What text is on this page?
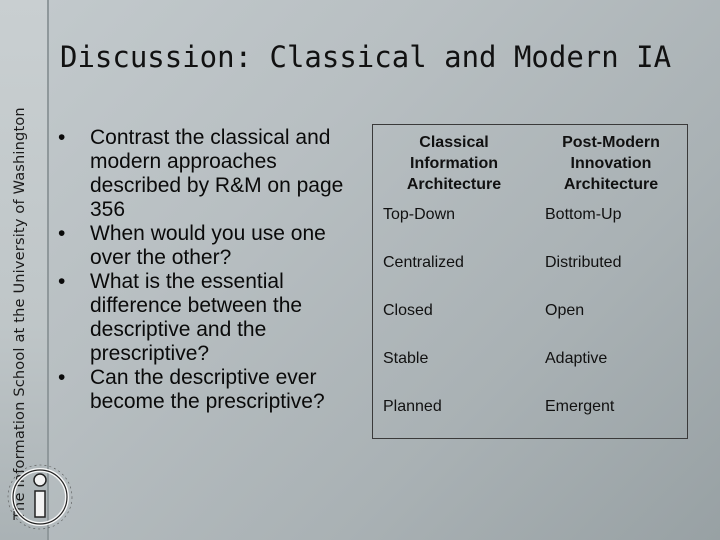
The Information School at the University of Washington
Discussion: Classical and Modern IA
• Contrast the classical and modern approaches described by R&M on page 356
• When would you use one over the other?
• What is the essential difference between the descriptive and the prescriptive?
• Can the descriptive ever become the prescriptive?
Classical Information Architecture	Post-Modern Innovation Architecture
Top-Down	Bottom-Up
Centralized	Distributed
Closed	Open
Stable	Adaptive
Planned	Emergent
